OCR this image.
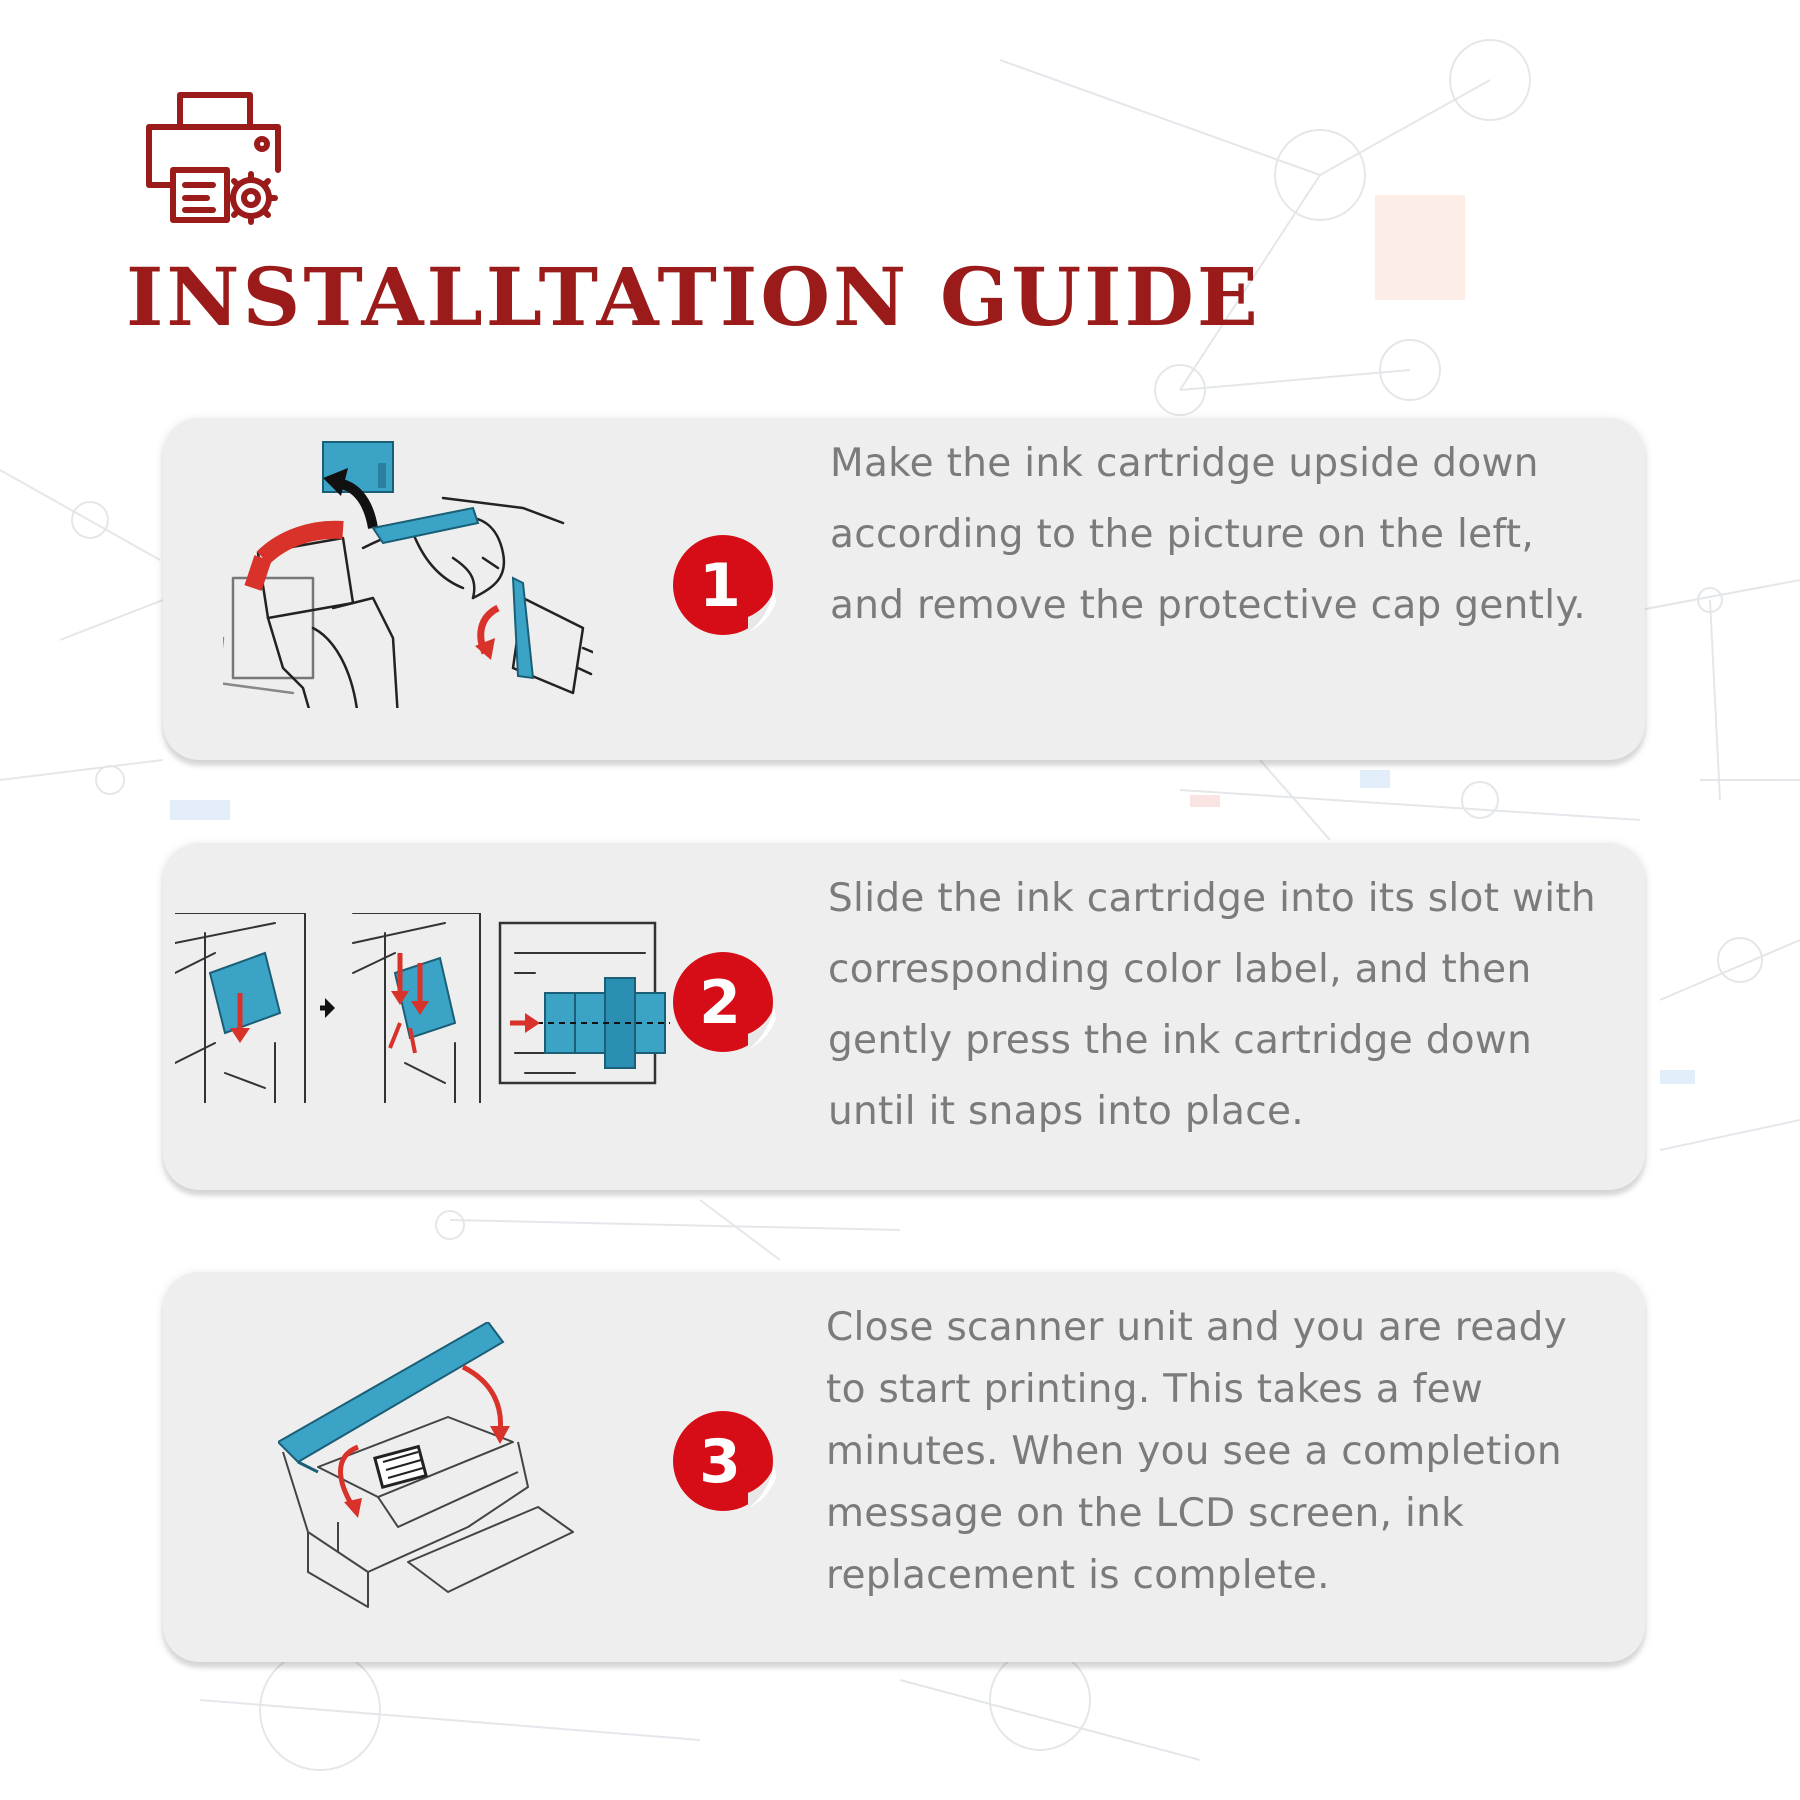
INSTALLTATION GUIDE
1
Make the ink cartridge upside down
according to the picture on the left,
and remove the protective cap gently.
2
Slide the ink cartridge into its slot with
corresponding color label, and then
gently press the ink cartridge down
until it snaps into place.
3
Close scanner unit and you are ready
to start printing. This takes a few
minutes. When you see a completion
message on the LCD screen, ink
replacement is complete.
